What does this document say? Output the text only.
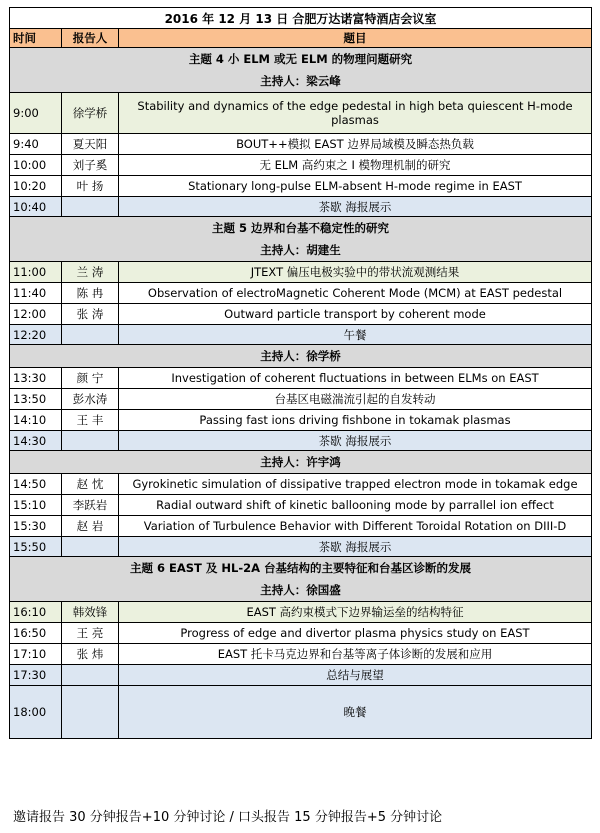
2016 年 12 月 13 日 合肥万达诺富特酒店会议室		
时间	报告人	题目

主题 4 小 ELM 或无 ELM 的物理问题研究
主持人：梁云峰		

9:00	徐学桥	Stability and dynamics of the edge pedestal in high beta quiescent H-mode plasmas
9:40	夏天阳	BOUT++模拟 EAST 边界局域模及瞬态热负载
10:00	刘子奚	无 ELM 高约束之 I 模物理机制的研究
10:20	叶 扬	Stationary long-pulse ELM-absent H-mode regime in EAST
10:40		茶歇 海报展示

主题 5 边界和台基不稳定性的研究
主持人：胡建生		

11:00	兰 涛	JTEXT 偏压电极实验中的带状流观测结果
11:40	陈 冉	Observation of electroMagnetic Coherent Mode (MCM) at EAST pedestal
12:00	张 涛	Outward particle transport by coherent mode
12:20		午餐

主持人：徐学桥		

13:30	颜 宁	Investigation of coherent fluctuations in between ELMs on EAST
13:50	彭水涛	台基区电磁湍流引起的自发转动
14:10	王 丰	Passing fast ions driving fishbone in tokamak plasmas
14:30		茶歇 海报展示

主持人：许宇鸿		

14:50	赵 忱	Gyrokinetic simulation of dissipative trapped electron mode in tokamak edge
15:10	李跃岩	Radial outward shift of kinetic ballooning mode by parrallel ion effect
15:30	赵 岩	Variation of Turbulence Behavior with Different Toroidal Rotation on DIII-D
15:50		茶歇 海报展示

主题 6 EAST 及 HL-2A 台基结构的主要特征和台基区诊断的发展
主持人：徐国盛		

16:10	韩效锋	EAST 高约束模式下边界输运垒的结构特征
16:50	王 亮	Progress of edge and divertor plasma physics study on EAST
17:10	张 炜	EAST 托卡马克边界和台基等离子体诊断的发展和应用
17:30		总结与展望
18:00		晚餐
邀请报告 30 分钟报告+10 分钟讨论 / 口头报告 15 分钟报告+5 分钟讨论
